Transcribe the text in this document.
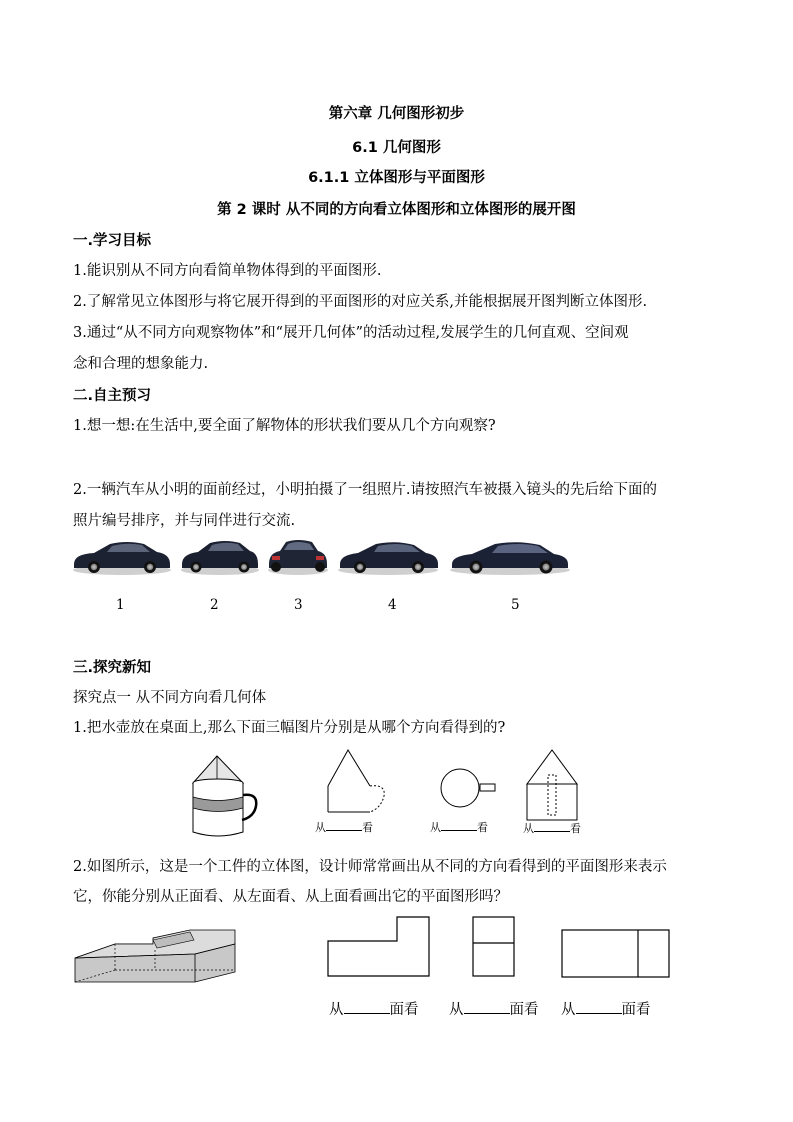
第六章 几何图形初步
6.1 几何图形
6.1.1 立体图形与平面图形
第 2 课时 从不同的方向看立体图形和立体图形的展开图
一.学习目标
1.能识别从不同方向看简单物体得到的平面图形.
2.了解常见立体图形与将它展开得到的平面图形的对应关系,并能根据展开图判断立体图形.
3.通过“从不同方向观察物体”和“展开几何体”的活动过程,发展学生的几何直观、空间观
念和合理的想象能力.
二.自主预习
1.想一想:在生活中,要全面了解物体的形状我们要从几个方向观察?
2.一辆汽车从小明的面前经过，小明拍摄了一组照片.请按照汽车被摄入镜头的先后给下面的
照片编号排序，并与同伴进行交流.
1	2	3	4	5
三.探究新知
探究点一 从不同方向看几何体
1.把水壶放在桌面上,那么下面三幅图片分别是从哪个方向看得到的?
从	看	从	看	从	看
2.如图所示，这是一个工件的立体图，设计师常常画出从不同的方向看得到的平面图形来表示
它，你能分别从正面看、从左面看、从上面看画出它的平面图形吗？
从	面看 从	面看 从	面看
